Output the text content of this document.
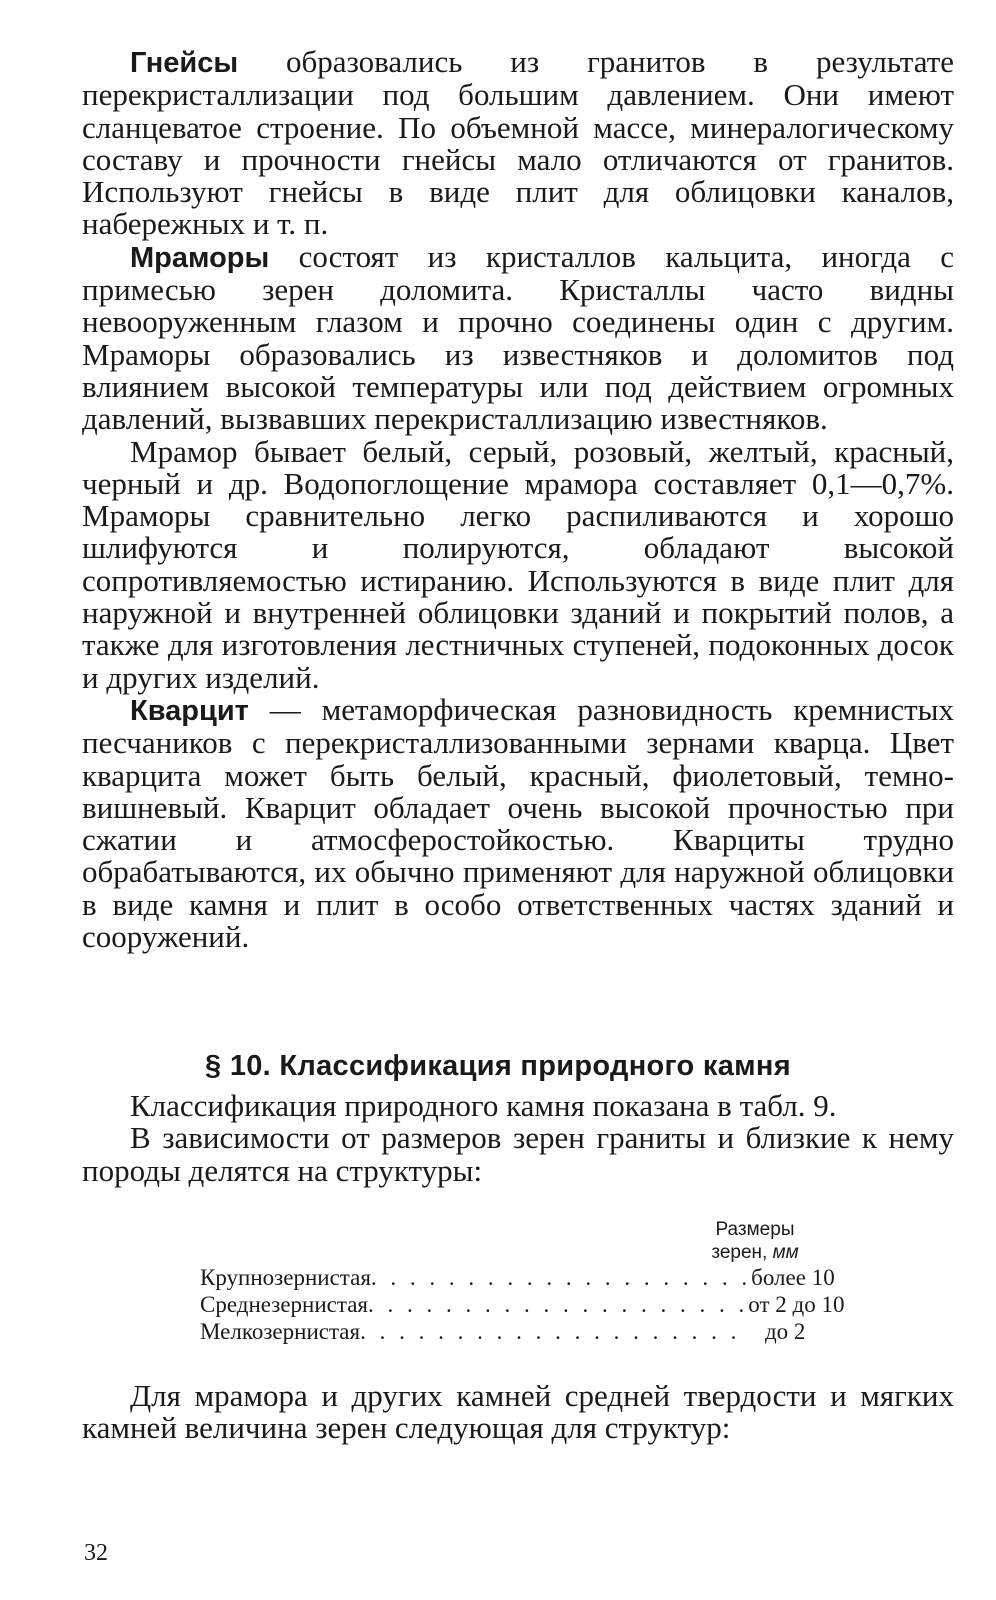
Гнейсы образовались из гранитов в результате перекристаллизации под большим давлением. Они имеют сланцеватое строение. По объемной массе, минералогическому составу и прочности гнейсы мало отличаются от гранитов. Используют гнейсы в виде плит для облицовки каналов, набережных и т. п.

Мраморы состоят из кристаллов кальцита, иногда с примесью зерен доломита. Кристаллы часто видны невооруженным глазом и прочно соединены один с другим. Мраморы образовались из известняков и доломитов под влиянием высокой температуры или под действием огромных давлений, вызвавших перекристаллизацию известняков.

Мрамор бывает белый, серый, розовый, желтый, красный, черный и др. Водопоглощение мрамора составляет 0,1—0,7%. Мраморы сравнительно легко распиливаются и хорошо шлифуются и полируются, обладают высокой сопротивляемостью истиранию. Используются в виде плит для наружной и внутренней облицовки зданий и покрытий полов, а также для изготовления лестничных ступеней, подоконных досок и других изделий.

Кварцит — метаморфическая разновидность кремнистых песчаников с перекристаллизованными зернами кварца. Цвет кварцита может быть белый, красный, фиолетовый, темно-вишневый. Кварцит обладает очень высокой прочностью при сжатии и атмосферостойкостью. Кварциты трудно обрабатываются, их обычно применяют для наружной облицовки в виде камня и плит в особо ответственных частях зданий и сооружений.

§ 10. Классификация природного камня

Классификация природного камня показана в табл. 9.

В зависимости от размеров зерен граниты и близкие к нему породы делятся на структуры:

Размеры
зерен, мм
Крупнозернистая . . . . . . . . . . . . . . . . . . . . более 10
Среднезернистая . . . . . . . . . . . . . . . . . . . . от 2 до 10
Мелкозернистая . . . . . . . . . . . . . . . . . . . .	до 2

Для мрамора и других камней средней твердости и мягких камней величина зерен следующая для структур:

32
